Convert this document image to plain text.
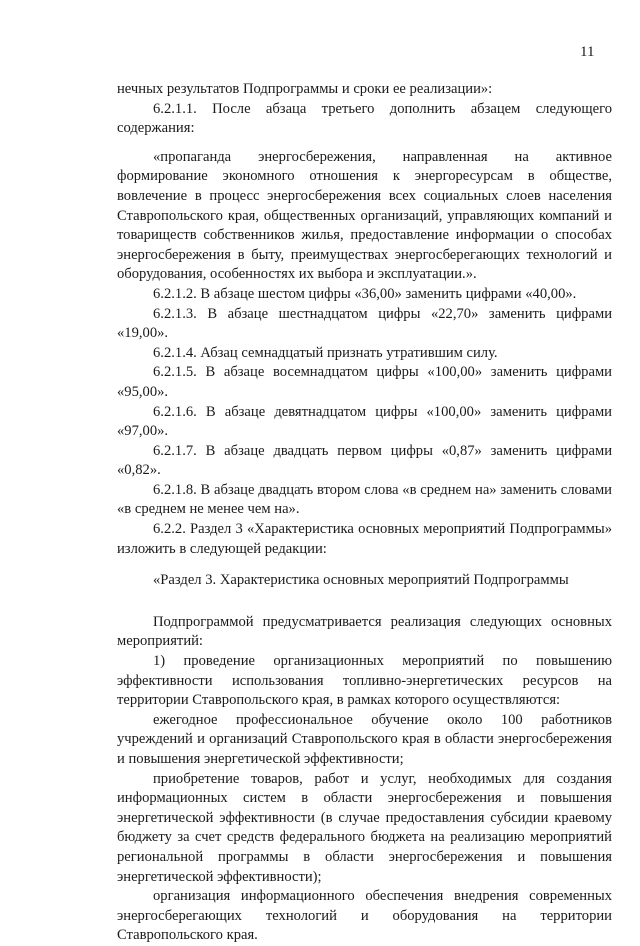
11

нечных результатов Подпрограммы и сроки ее реализации»:

6.2.1.1. После абзаца третьего дополнить абзацем следующего содержания:

«пропаганда энергосбережения, направленная на активное формирование экономного отношения к энергоресурсам в обществе, вовлечение в процесс энергосбережения всех социальных слоев населения Ставропольского края, общественных организаций, управляющих компаний и товариществ собственников жилья, предоставление информации о способах энергосбережения в быту, преимуществах энергосберегающих технологий и оборудования, особенностях их выбора и эксплуатации.».

6.2.1.2. В абзаце шестом цифры «36,00» заменить цифрами «40,00».

6.2.1.3. В абзаце шестнадцатом цифры «22,70» заменить цифрами «19,00».

6.2.1.4. Абзац семнадцатый признать утратившим силу.

6.2.1.5. В абзаце восемнадцатом цифры «100,00» заменить цифрами «95,00».

6.2.1.6. В абзаце девятнадцатом цифры «100,00» заменить цифрами «97,00».

6.2.1.7. В абзаце двадцать первом цифры «0,87» заменить цифрами «0,82».

6.2.1.8. В абзаце двадцать втором слова «в среднем на» заменить словами «в среднем не менее чем на».

6.2.2. Раздел 3 «Характеристика основных мероприятий Подпрограммы» изложить в следующей редакции:

«Раздел 3. Характеристика основных мероприятий Подпрограммы

Подпрограммой предусматривается реализация следующих основных мероприятий:

1) проведение организационных мероприятий по повышению эффективности использования топливно-энергетических ресурсов на территории Ставропольского края, в рамках которого осуществляются:

ежегодное профессиональное обучение около 100 работников учреждений и организаций Ставропольского края в области энергосбережения и повышения энергетической эффективности;

приобретение товаров, работ и услуг, необходимых для создания информационных систем в области энергосбережения и повышения энергетической эффективности (в случае предоставления субсидии краевому бюджету за счет средств федерального бюджета на реализацию мероприятий региональной программы в области энергосбережения и повышения энергетической эффективности);

организация информационного обеспечения внедрения современных энергосберегающих технологий и оборудования на территории Ставропольского края.
